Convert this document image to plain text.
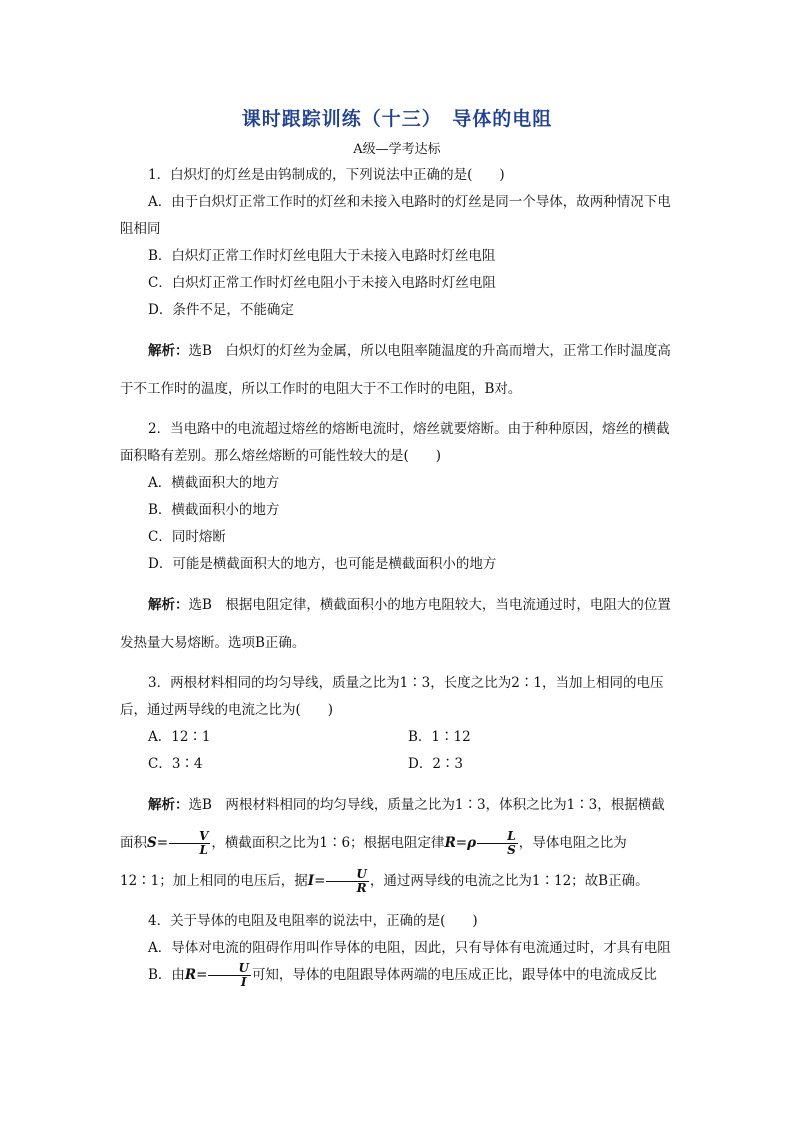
课时跟踪训练（十三）　导体的电阻
A级—学考达标

1．白炽灯的灯丝是由钨制成的，下列说法中正确的是(　　)

A．由于白炽灯正常工作时的灯丝和未接入电路时的灯丝是同一个导体，故两种情况下电阻相同

B．白炽灯正常工作时灯丝电阻大于未接入电路时灯丝电阻

C．白炽灯正常工作时灯丝电阻小于未接入电路时灯丝电阻

D．条件不足，不能确定

解析：选B　白炽灯的灯丝为金属，所以电阻率随温度的升高而增大，正常工作时温度高于不工作时的温度，所以工作时的电阻大于不工作时的电阻，B对。

2．当电路中的电流超过熔丝的熔断电流时，熔丝就要熔断。由于种种原因，熔丝的横截面积略有差别。那么熔丝熔断的可能性较大的是(　　)

A．横截面积大的地方

B．横截面积小的地方

C．同时熔断

D．可能是横截面积大的地方，也可能是横截面积小的地方

解析：选B　根据电阻定律，横截面积小的地方电阻较大，当电流通过时，电阻大的位置发热量大易熔断。选项B正确。

3．两根材料相同的均匀导线，质量之比为1∶3，长度之比为2∶1，当加上相同的电压后，通过两导线的电流之比为(　　)

A．12∶1	B．1∶12
C．3∶4	D．2∶3

解析：选B　两根材料相同的均匀导线，质量之比为1∶3，体积之比为1∶3，根据横截面积$S= \frac{V}{L}$ ，横截面积之比为1∶6；根据电阻定律$R=\rho \frac{L}{S}$ ，导体电阻之比为12∶1；加上相同的电压后，据$I= \frac{U}{R}$ ，通过两导线的电流之比为1∶12；故B正确。

4．关于导体的电阻及电阻率的说法中，正确的是(　　)

A．导体对电流的阻碍作用叫作导体的电阻，因此，只有导体有电流通过时，才具有电阻

B．由$R= \frac{U}{I}$ 可知，导体的电阻跟导体两端的电压成正比，跟导体中的电流成反比
